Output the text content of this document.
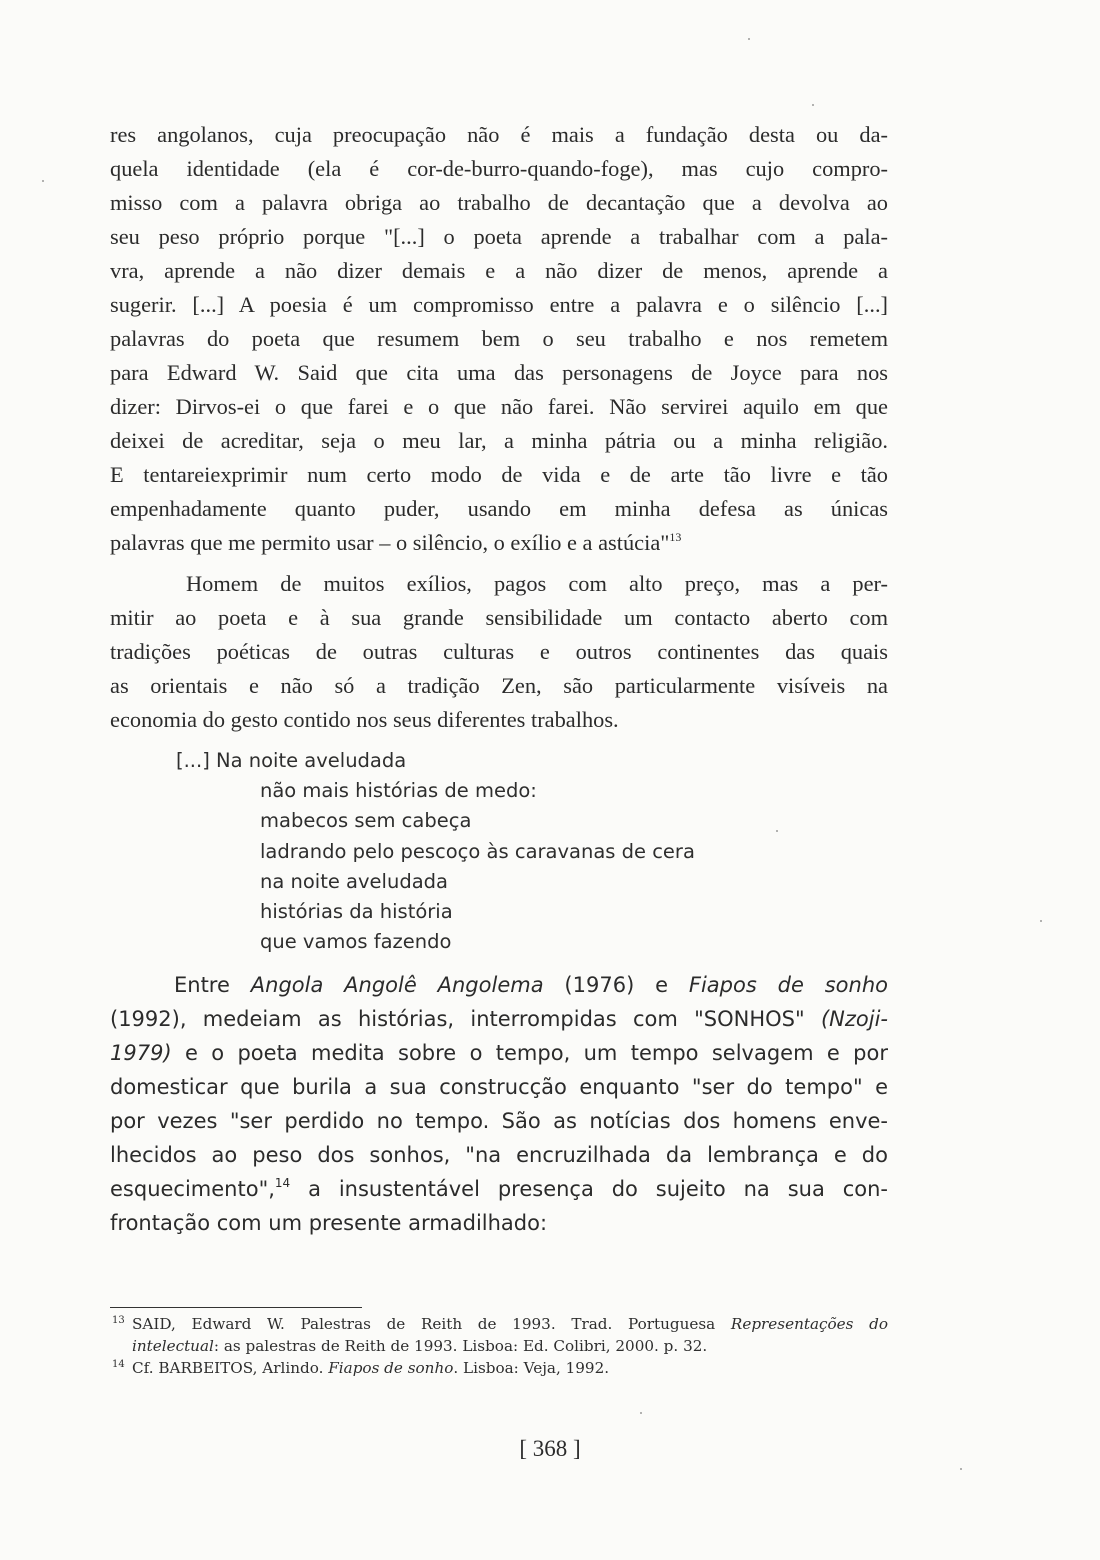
res angolanos, cuja preocupação não é mais a fundação desta ou da-
quela identidade (ela é cor-de-burro-quando-foge), mas cujo compro-
misso com a palavra obriga ao trabalho de decantação que a devolva ao
seu peso próprio porque "[...] o poeta aprende a trabalhar com a pala-
vra, aprende a não dizer demais e a não dizer de menos, aprende a
sugerir. [...] A poesia é um compromisso entre a palavra e o silêncio [...]
palavras do poeta que resumem bem o seu trabalho e nos remetem
para Edward W. Said que cita uma das personagens de Joyce para nos
dizer: Dirvos-ei o que farei e o que não farei. Não servirei aquilo em que
deixei de acreditar, seja o meu lar, a minha pátria ou a minha religião.
E tentareiexprimir num certo modo de vida e de arte tão livre e tão
empenhadamente quanto puder, usando em minha defesa as únicas
palavras que me permito usar – o silêncio, o exílio e a astúcia"$^{13}$
Homem de muitos exílios, pagos com alto preço, mas a per-
mitir ao poeta e à sua grande sensibilidade um contacto aberto com
tradições poéticas de outras culturas e outros continentes das quais
as orientais e não só a tradição Zen, são particularmente visíveis na
economia do gesto contido nos seus diferentes trabalhos.
[...] Na noite aveludada
não mais histórias de medo:
mabecos sem cabeça
ladrando pelo pescoço às caravanas de cera
na noite aveludada
histórias da história
que vamos fazendo
Entre Angola Angolê Angolema (1976) e Fiapos de sonho
(1992), medeiam as histórias, interrompidas com "SONHOS" (Nzoji-
1979) e o poeta medita sobre o tempo, um tempo selvagem e por
domesticar que burila a sua construcção enquanto "ser do tempo" e
por vezes "ser perdido no tempo. São as notícias dos homens enve-
lhecidos ao peso dos sonhos, "na encruzilhada da lembrança e do
esquecimento",$^{14}$ a insustentável presença do sujeito na sua con-
frontação com um presente armadilhado:
13 SAID, Edward W. Palestras de Reith de 1993. Trad. Portuguesa Representações do
intelectual: as palestras de Reith de 1993. Lisboa: Ed. Colibri, 2000. p. 32.
14 Cf. BARBEITOS, Arlindo. Fiapos de sonho. Lisboa: Veja, 1992.
[ 368 ]
